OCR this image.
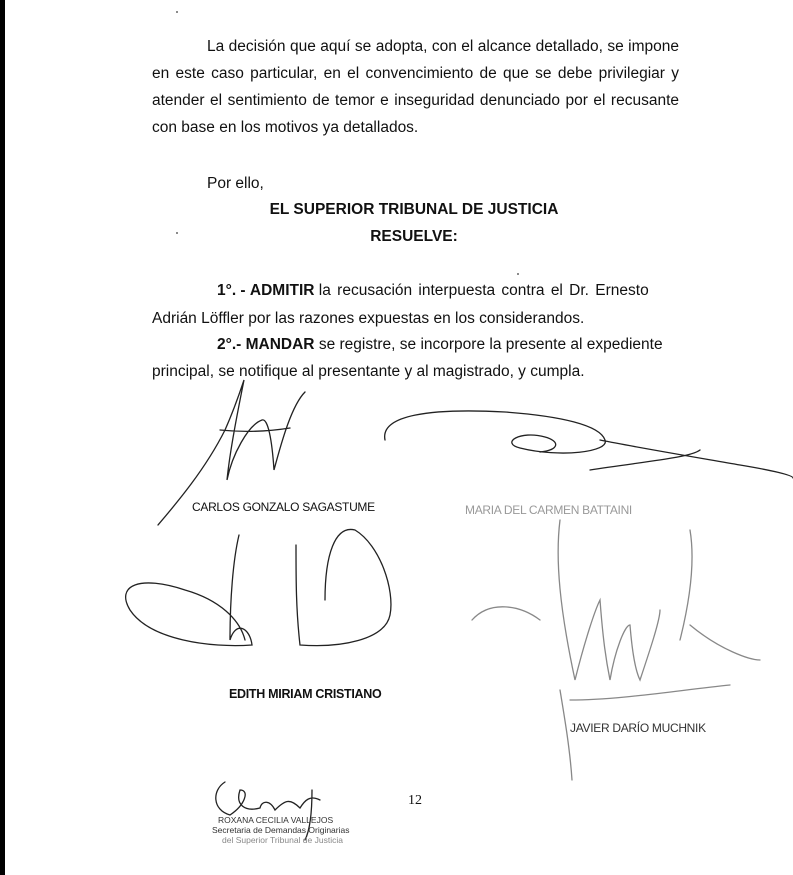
La decisión que aquí se adopta, con el alcance detallado, se impone en este caso particular, en el convencimiento de que se debe privilegiar y atender el sentimiento de temor e inseguridad denunciado por el recusante con base en los motivos ya detallados.

Por ello,
EL SUPERIOR TRIBUNAL DE JUSTICIA
RESUELVE:
1°. - ADMITIR la recusación interpuesta contra el Dr. Ernesto
Adrián Löffler por las razones expuestas en los considerandos.
2°.- MANDAR se registre, se incorpore la presente al expediente
principal, se notifique al presentante y al magistrado, y cumpla.
CARLOS GONZALO SAGASTUME	MARIA DEL CARMEN BATTAINI
EDITH MIRIAM CRISTIANO
JAVIER DARÍO MUCHNIK
ROXANA CECILIA VALLEJOS
Secretaria de Demandas Originarias
del Superior Tribunal de Justicia
12
